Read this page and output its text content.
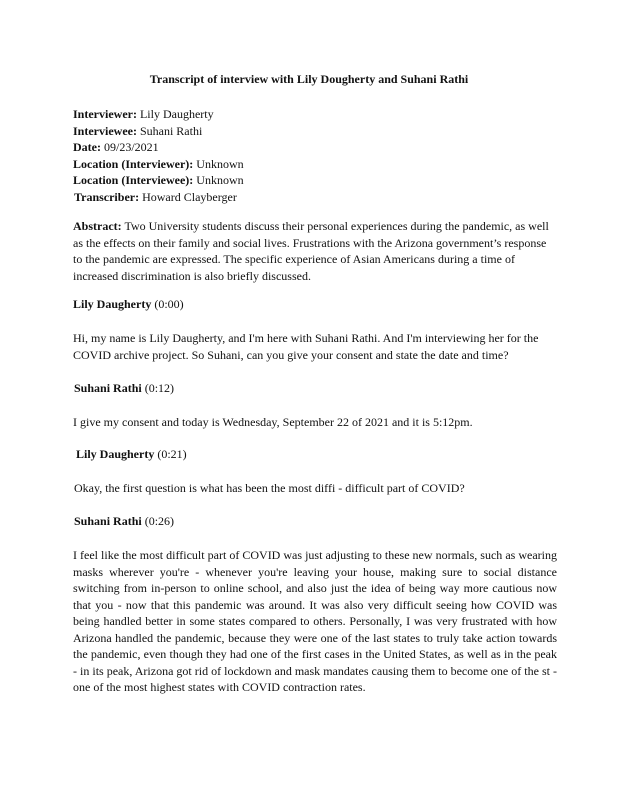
Transcript of interview with Lily Dougherty and Suhani Rathi
Interviewer: Lily Daugherty
Interviewee: Suhani Rathi
Date: 09/23/2021
Location (Interviewer): Unknown
Location (Interviewee): Unknown
Transcriber: Howard Clayberger
Abstract: Two University students discuss their personal experiences during the pandemic, as well as the effects on their family and social lives. Frustrations with the Arizona government’s response to the pandemic are expressed. The specific experience of Asian Americans during a time of increased discrimination is also briefly discussed.
Lily Daugherty (0:00)
Hi, my name is Lily Daugherty, and I'm here with Suhani Rathi. And I'm interviewing her for the COVID archive project. So Suhani, can you give your consent and state the date and time?
Suhani Rathi (0:12)
I give my consent and today is Wednesday, September 22 of 2021 and it is 5:12pm.
Lily Daugherty (0:21)
Okay, the first question is what has been the most diffi - difficult part of COVID?
Suhani Rathi (0:26)
I feel like the most difficult part of COVID was just adjusting to these new normals, such as wearing masks wherever you're - whenever you're leaving your house, making sure to social distance switching from in-person to online school, and also just the idea of being way more cautious now that you - now that this pandemic was around. It was also very difficult seeing how COVID was being handled better in some states compared to others. Personally, I was very frustrated with how Arizona handled the pandemic, because they were one of the last states to truly take action towards the pandemic, even though they had one of the first cases in the United States, as well as in the peak - in its peak, Arizona got rid of lockdown and mask mandates causing them to become one of the st - one of the most highest states with COVID contraction rates.
